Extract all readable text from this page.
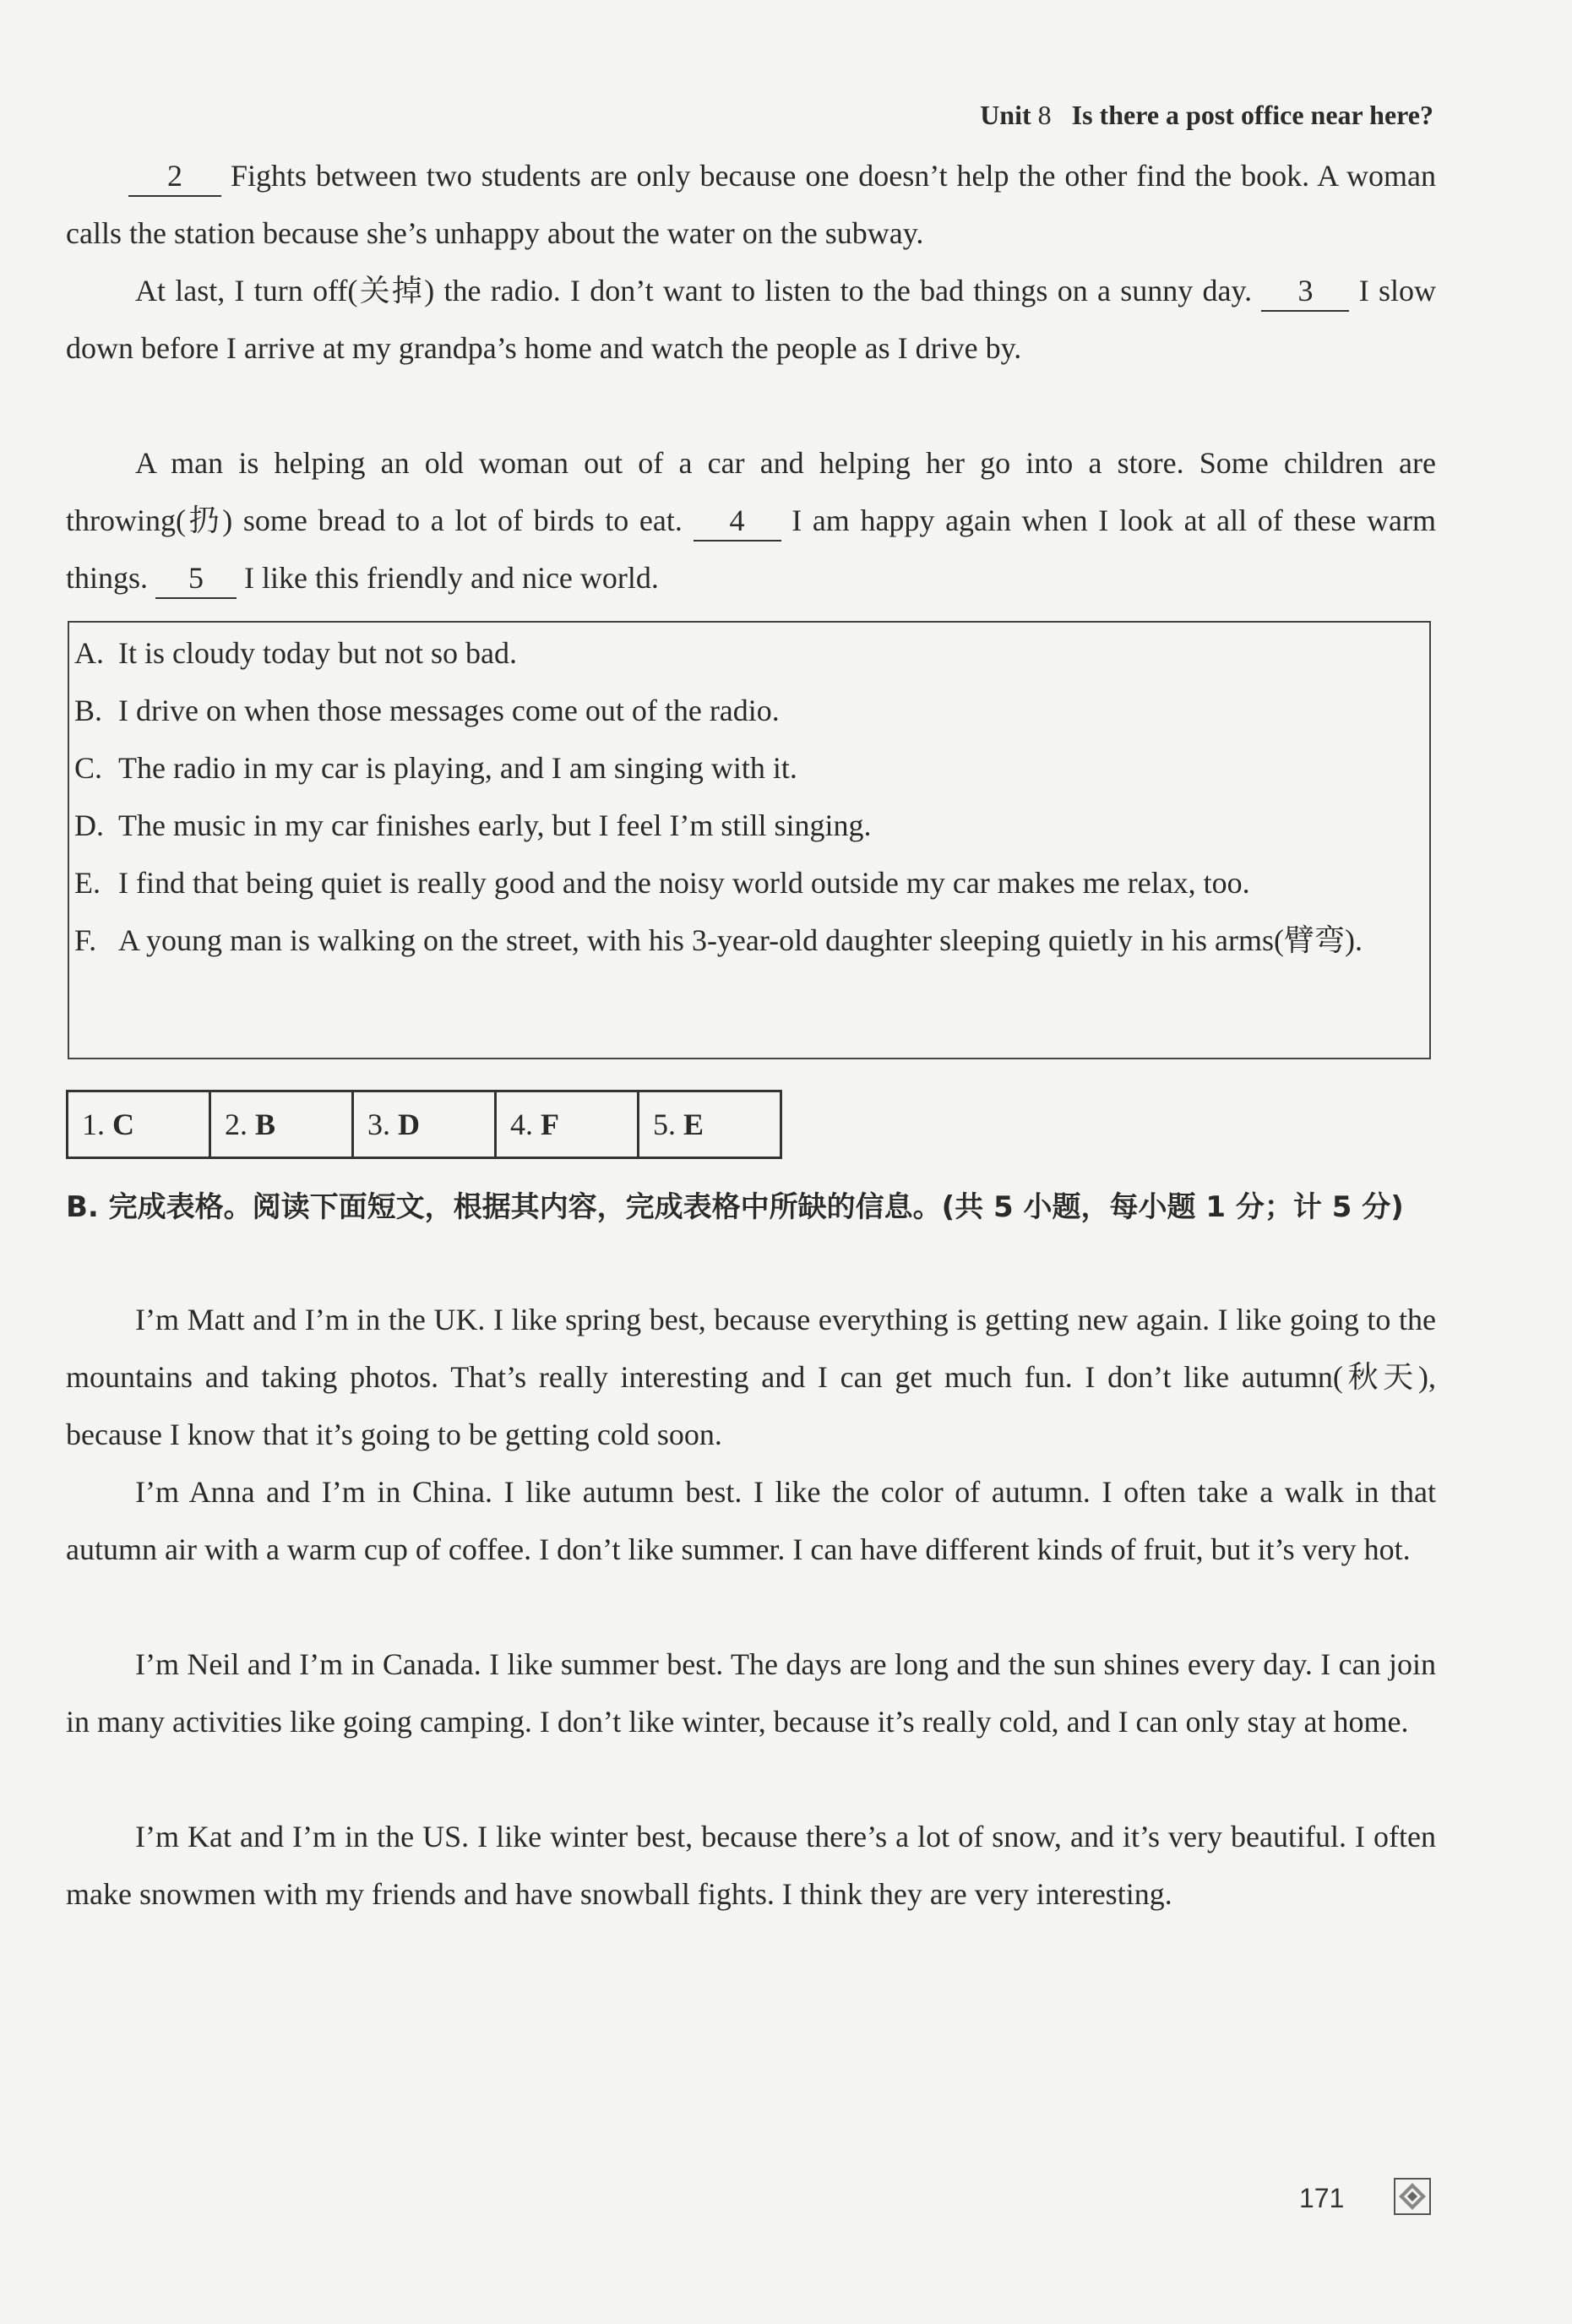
Unit 8 Is there a post office near here?
2 Fights between two students are only because one doesn’t help the other find the book. A woman calls the station because she’s unhappy about the water on the subway.
At last, I turn off(关掉) the radio. I don’t want to listen to the bad things on a sunny day. 3 I slow down before I arrive at my grandpa’s home and watch the people as I drive by.
A man is helping an old woman out of a car and helping her go into a store. Some children are throwing(扔) some bread to a lot of birds to eat. 4 I am happy again when I look at all of these warm things. 5 I like this friendly and nice world.
A. It is cloudy today but not so bad.
B. I drive on when those messages come out of the radio.
C. The radio in my car is playing, and I am singing with it.
D. The music in my car finishes early, but I feel I’m still singing.
E. I find that being quiet is really good and the noisy world outside my car makes me relax, too.
F. A young man is walking on the street, with his 3-year-old daughter sleeping quietly in his arms(臂弯).
1. C	2. B	3. D	4. F	5. E
B. 完成表格。阅读下面短文，根据其内容，完成表格中所缺的信息。(共 5 小题，每小题 1 分；计 5 分)
I’m Matt and I’m in the UK. I like spring best, because everything is getting new again. I like going to the mountains and taking photos. That’s really interesting and I can get much fun. I don’t like autumn(秋天), because I know that it’s going to be getting cold soon.
I’m Anna and I’m in China. I like autumn best. I like the color of autumn. I often take a walk in that autumn air with a warm cup of coffee. I don’t like summer. I can have different kinds of fruit, but it’s very hot.
I’m Neil and I’m in Canada. I like summer best. The days are long and the sun shines every day. I can join in many activities like going camping. I don’t like winter, because it’s really cold, and I can only stay at home.
I’m Kat and I’m in the US. I like winter best, because there’s a lot of snow, and it’s very beautiful. I often make snowmen with my friends and have snowball fights. I think they are very interesting.
171
